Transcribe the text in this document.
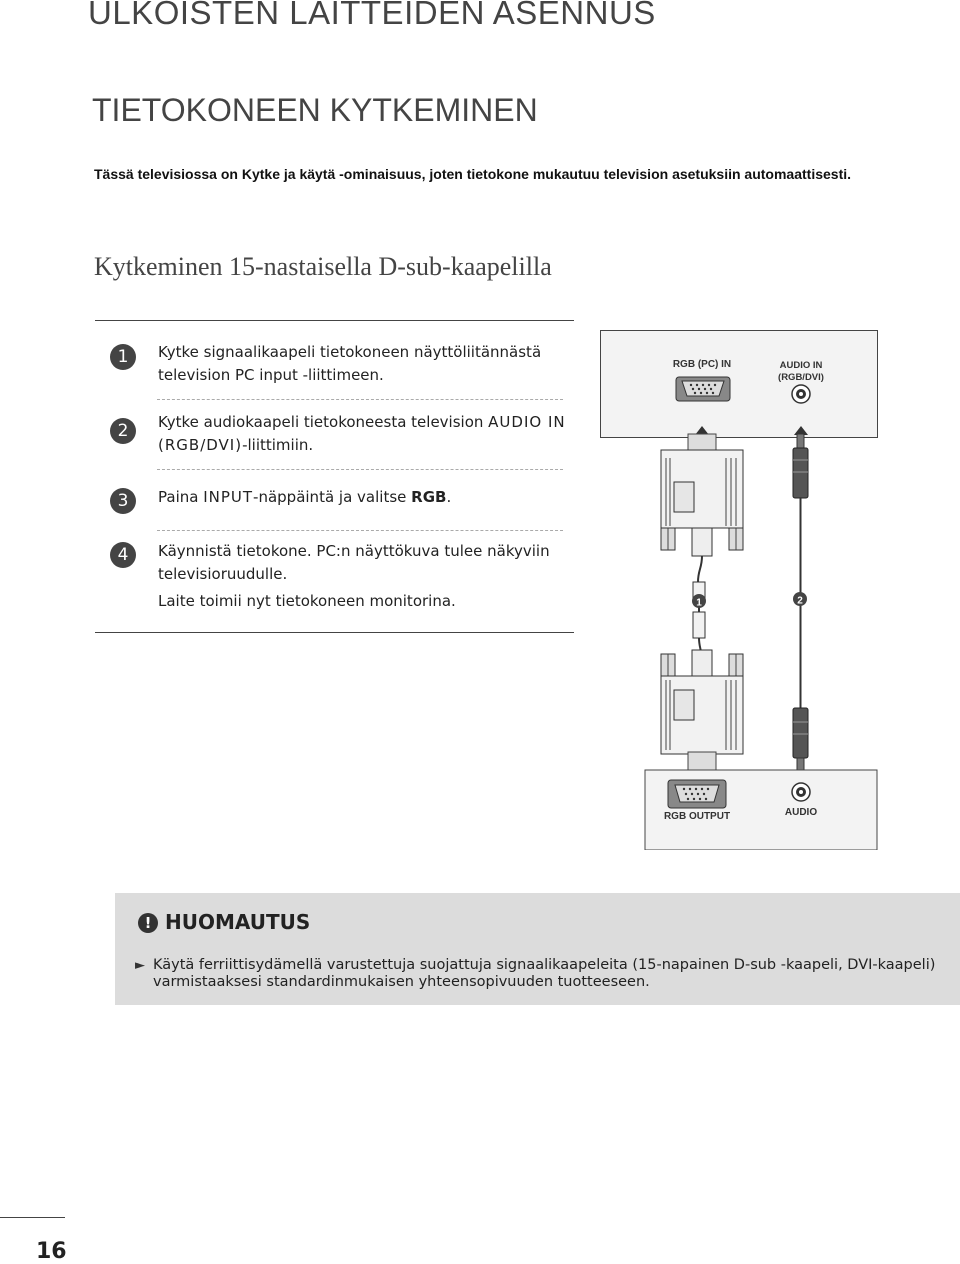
ULKOISTEN LAITTEIDEN ASENNUS
TIETOKONEEN KYTKEMINEN
Tässä televisiossa on Kytke ja käytä -ominaisuus, joten tietokone mukautuu television asetuksiin automaattisesti.
Kytkeminen 15-nastaisella D-sub-kaapelilla
1	Kytke signaalikaapeli tietokoneen näyttöliitännästä television PC input -liittimeen.
2	Kytke audiokaapeli tietokoneesta television AUDIO IN (RGB/DVI)-liittimiin.
3	Paina INPUT-näppäintä ja valitse RGB.
4	Käynnistä tietokone. PC:n näyttökuva tulee näkyviin televisioruudulle.
Laite toimii nyt tietokoneen monitorina.
RGB (PC) IN	AUDIO IN
(RGB/DVI)
1	2
RGB OUTPUT	AUDIO
! HUOMAUTUS
► Käytä ferriittisydämellä varustettuja suojattuja signaalikaapeleita (15-napainen D-sub -kaapeli, DVI-kaapeli) varmistaaksesi standardinmukaisen yhteensopivuuden tuotteeseen.
16
